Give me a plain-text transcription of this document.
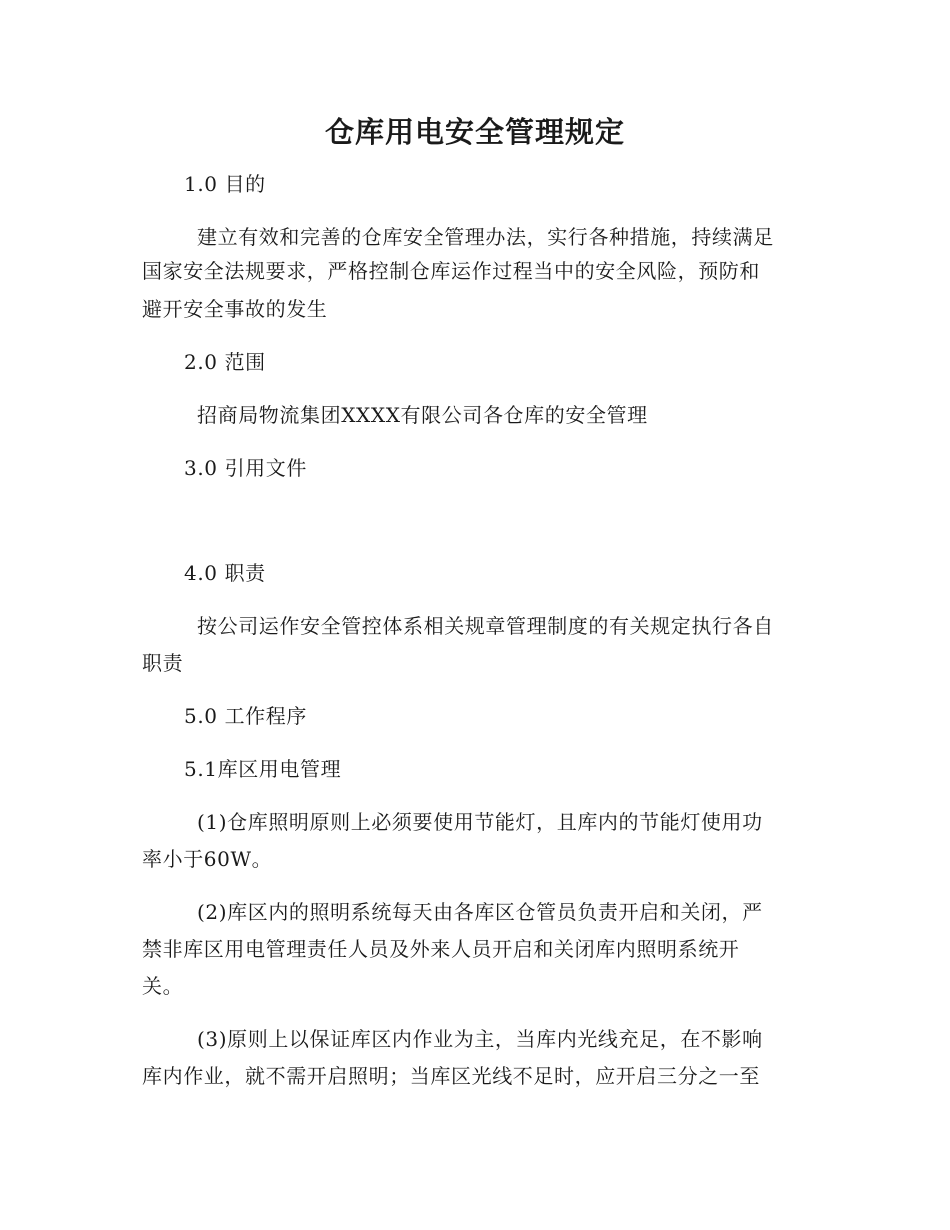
仓库用电安全管理规定
1.0 目的
建立有效和完善的仓库安全管理办法，实行各种措施，持续满足
国家安全法规要求，严格控制仓库运作过程当中的安全风险，预防和
避开安全事故的发生
2.0 范围
招商局物流集团XXXX有限公司各仓库的安全管理
3.0 引用文件
4.0 职责
按公司运作安全管控体系相关规章管理制度的有关规定执行各自
职责
5.0 工作程序
5.1库区用电管理
(1)仓库照明原则上必须要使用节能灯，且库内的节能灯使用功
率小于60W。
(2)库区内的照明系统每天由各库区仓管员负责开启和关闭，严
禁非库区用电管理责任人员及外来人员开启和关闭库内照明系统开
关。
(3)原则上以保证库区内作业为主，当库内光线充足，在不影响
库内作业，就不需开启照明；当库区光线不足时，应开启三分之一至
